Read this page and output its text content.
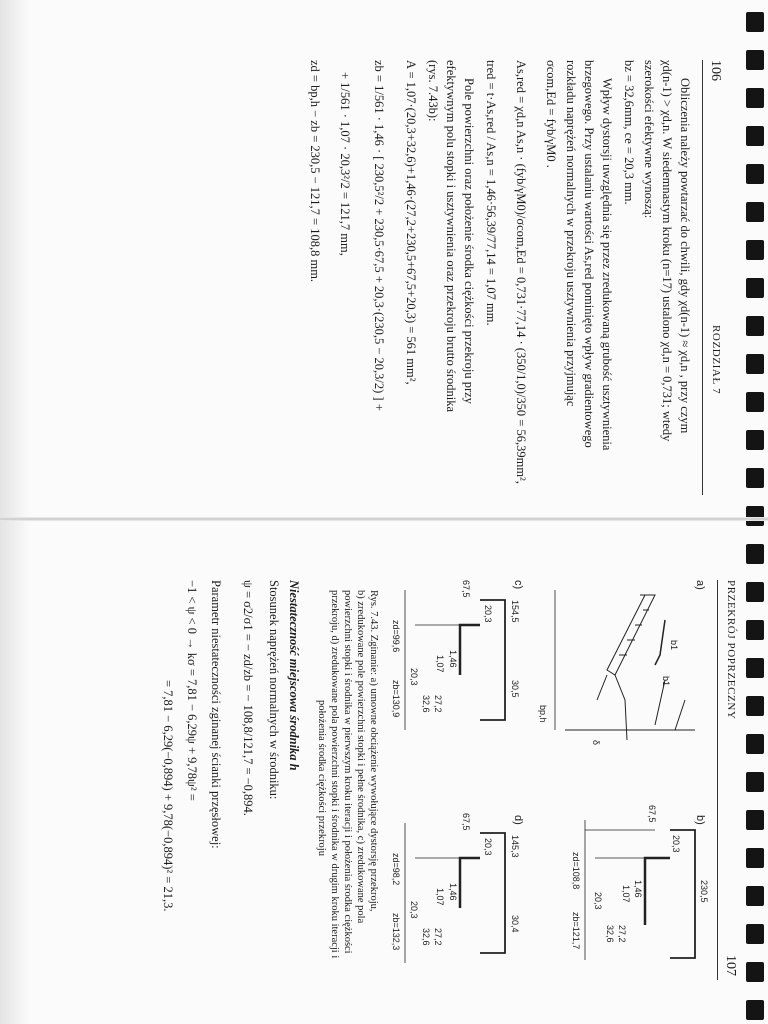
106
ROZDZIAŁ 7
Obliczenia należy powtarzać do chwili, gdy χd(n-1) ≈ χd,n , przy czym
χd(n-1) > χd,n. W siedemnastym kroku (n=17) ustalono χd,n = 0,731; wtedy
szerokości efektywne wynoszą:
bz = 32,6mm, ce = 20,3 mm.
Wpływ dystorsji uwzględnia się przez zredukowaną grubość usztywnienia
brzegowego. Przy ustalaniu wartości As,red pominięto wpływ gradientowego
rozkładu naprężeń normalnych w przekroju usztywnienia przyjmując
σcom,Ed = fyb/γM0 .
As,red = χd,n As,n · (fyb/γM0)/σcom,Ed = 0,731·77,14 · (350/1,0)/350 = 56,39mm²,
tred = t·As,red / As,n = 1,46·56,39/77,14 = 1,07 mm.
Pole powierzchni oraz położenie środka ciężkości przekroju przy
efektywnym polu stopki i usztywnienia oraz przekroju brutto środnika
(rys. 7.43b):
A = 1,07·(20,3+32,6)+1,46·(27,2+230,5+67,5+20,3) = 561 mm²,
zb = 1/561 · 1,46 · [ 230,5²/2 + 230,5·67,5 + 20,3·(230,5 − 20,3/2) ] +
+ 1/561 · 1,07 · 20,3²/2 = 121,7 mm,
zd = bp,h − zb = 230,5 − 121,7 = 108,8 mm.
PRZEKRÓJ POPRZECZNY
107
a)
bp,h
b1
b1
δ
b)
230,5
20,3
67,5
1,46
1,07
27,2
32,6
20,3
zd=108,8
zb=121,7
c)
154,5
30,5
20,3
67,5
1,46
1,07
27,2
32,6
20,3
zd=99,6
zb=130,9
d)
145,3
30,4
20,3
67,5
1,46
1,07
27,2
32,6
20,3
zd=98,2
zb=132,3
Rys. 7.43. Zginanie: a) umowne obciążenie wywołujące dystorsję przekroju,
b) zredukowane pole powierzchni stopki i pełne środnika, c) zredukowane pola
powierzchni stopki i środnika w pierwszym kroku iteracji i położenia środka ciężkości
przekroju, d) zredukowane pola powierzchni stopki i środnika w drugim kroku iteracji i
położenia środka ciężkości przekroju
Niestateczność miejscowa środnika h
Stosunek naprężeń normalnych w środniku:
ψ = σ2/σ1 = − zd/zb = − 108,8/121,7 = −0,894.
Parametr niestateczności zginanej ścianki przęsłowej:
−1 < ψ < 0 → kσ = 7,81 − 6,29ψ + 9,78ψ² =
= 7,81 − 6,29(−0,894) + 9,78(−0,894)² = 21,3.
